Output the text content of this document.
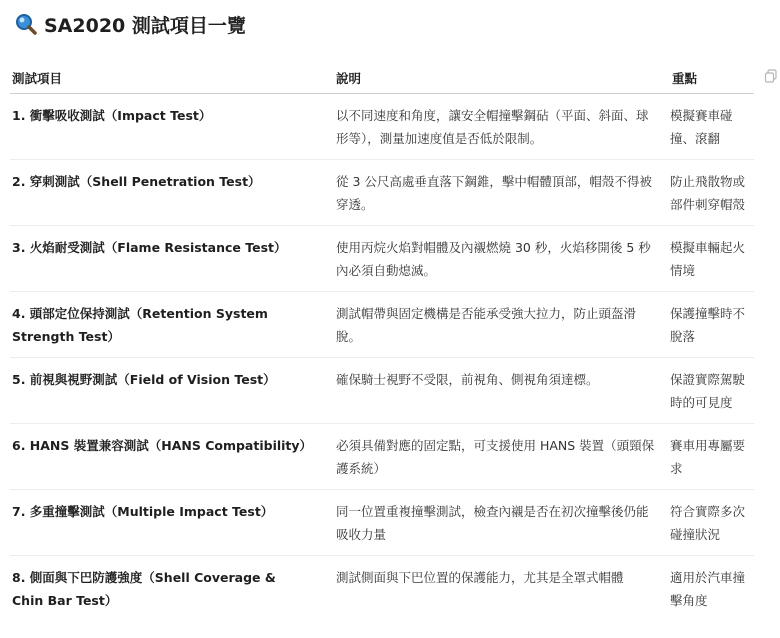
SA2020 測試項目一覽
測試項目	說明	重點
1. 衝擊吸收測試（Impact Test）	以不同速度和角度，讓安全帽撞擊鋼砧（平面、斜面、球形等），測量加速度值是否低於限制。	模擬賽車碰撞、滾翻
2. 穿刺測試（Shell Penetration Test）	從 3 公尺高處垂直落下鋼錐，擊中帽體頂部，帽殼不得被穿透。	防止飛散物或部件刺穿帽殼
3. 火焰耐受測試（Flame Resistance Test）	使用丙烷火焰對帽體及內襯燃燒 30 秒，火焰移開後 5 秒內必須自動熄滅。	模擬車輛起火情境
4. 頭部定位保持測試（Retention System Strength Test）	測試帽帶與固定機構是否能承受強大拉力，防止頭盔滑脫。	保護撞擊時不脫落
5. 前視與視野測試（Field of Vision Test）	確保騎士視野不受限，前視角、側視角須達標。	保證實際駕駛時的可見度
6. HANS 裝置兼容測試（HANS Compatibility）	必須具備對應的固定點，可支援使用 HANS 裝置（頭頸保護系統）	賽車用專屬要求
7. 多重撞擊測試（Multiple Impact Test）	同一位置重複撞擊測試，檢查內襯是否在初次撞擊後仍能吸收力量	符合實際多次碰撞狀況
8. 側面與下巴防護強度（Shell Coverage & Chin Bar Test）	測試側面與下巴位置的保護能力，尤其是全罩式帽體	適用於汽車撞擊角度
